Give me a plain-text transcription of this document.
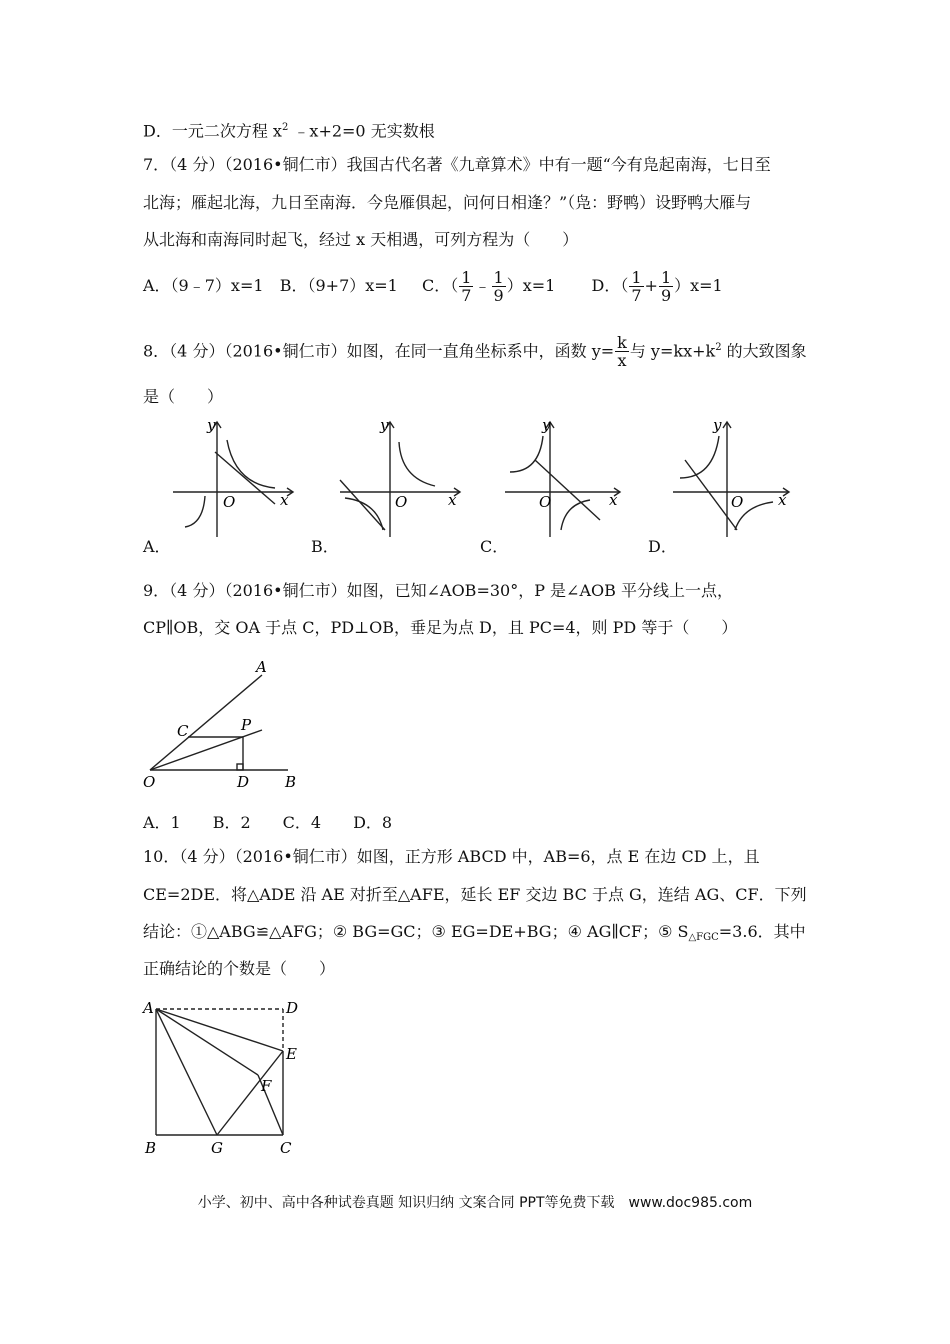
D．一元二次方程 $x^2$ ﹣x+2=0 无实数根
7．（4 分）（2016•铜仁市）我国古代名著《九章算术》中有一题“今有凫起南海，七日至
北海；雁起北海，九日至南海．今凫雁俱起，问何日相逢？”（凫：野鸭）设野鸭大雁与
从北海和南海同时起飞，经过 x 天相遇，可列方程为（　　）
A．（9﹣7）x=1 B．（9+7）x=1 C．（ $\frac{1}{7}$ ﹣ $\frac{1}{9} )x=1$ D．（ $\frac{1}{7} + \frac{1}{9} )x=1$
8．（4 分）（2016•铜仁市）如图，在同一直角坐标系中，函数 $y= \frac{k}{x}$ 与 $y=kx+k^2$ 的大致图象
是（　　）
y
x
O
y
x
O
y
x
O
y
x
O
A．	B．	C．	D．
9．（4 分）（2016•铜仁市）如图，已知∠AOB=30°，P 是∠AOB 平分线上一点，
CP∥OB，交 OA 于点 C，PD⊥OB，垂足为点 D，且 PC=4，则 PD 等于（　　）
A
C	P
O	D B
A．1　　B．2　　C．4　　D．8
10．（4 分）（2016•铜仁市）如图，正方形 ABCD 中，AB=6，点 E 在边 CD 上，且
CE=2DE．将△ADE 沿 AE 对折至△AFE，延长 EF 交边 BC 于点 G，连结 AG、CF．下列
结论：①△ABG≌△AFG；② BG=GC；③ EG=DE+BG；④ AG∥CF；⑤ $S_{\triangle FGC}=3.6$．其中
正确结论的个数是（　　）
A	D
E
F
B	G	C
小学、初中、高中各种试卷真题 知识归纳 文案合同 PPT等免费下载　www.doc985.com
